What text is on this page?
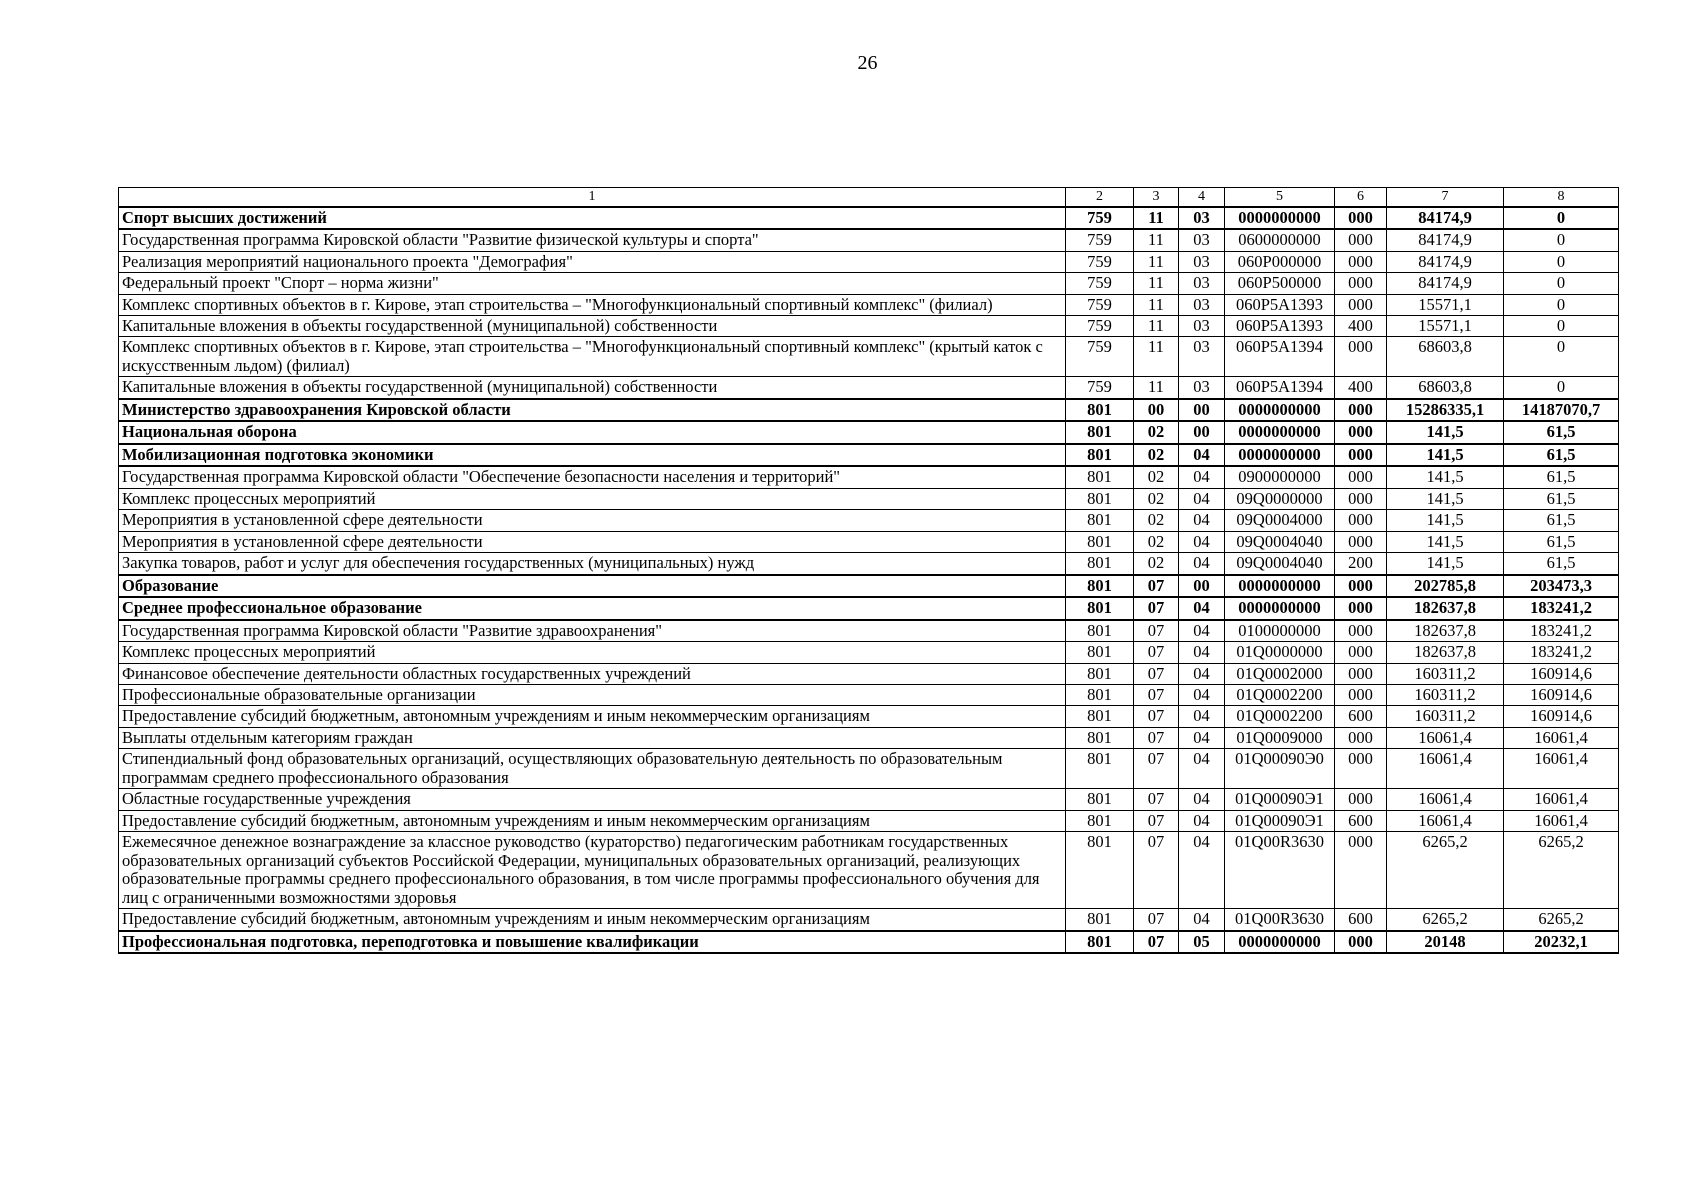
26
1	2	3	4	5	6	7	8
Спорт высших достижений	759	11	03	0000000000	000	84174,9	0
Государственная программа Кировской области "Развитие физической культуры и спорта"	759	11	03	0600000000	000	84174,9	0
Реализация мероприятий национального проекта "Демография"	759	11	03	060P000000	000	84174,9	0
Федеральный проект "Спорт – норма жизни"	759	11	03	060P500000	000	84174,9	0
Комплекс спортивных объектов в г. Кирове, этап строительства – "Многофункциональный спортивный комплекс" (филиал)	759	11	03	060P5A1393	000	15571,1	0
Капитальные вложения в объекты государственной (муниципальной) собственности	759	11	03	060P5A1393	400	15571,1	0
Комплекс спортивных объектов в г. Кирове, этап строительства – "Многофункциональный спортивный комплекс" (крытый каток с искусственным льдом) (филиал)	759	11	03	060P5A1394	000	68603,8	0
Капитальные вложения в объекты государственной (муниципальной) собственности	759	11	03	060P5A1394	400	68603,8	0
Министерство здравоохранения Кировской области	801	00	00	0000000000	000	15286335,1	14187070,7
Национальная оборона	801	02	00	0000000000	000	141,5	61,5
Мобилизационная подготовка экономики	801	02	04	0000000000	000	141,5	61,5
Государственная программа Кировской области "Обеспечение безопасности населения и территорий"	801	02	04	0900000000	000	141,5	61,5
Комплекс процессных мероприятий	801	02	04	09Q0000000	000	141,5	61,5
Мероприятия в установленной сфере деятельности	801	02	04	09Q0004000	000	141,5	61,5
Мероприятия в установленной сфере деятельности	801	02	04	09Q0004040	000	141,5	61,5
Закупка товаров, работ и услуг для обеспечения государственных (муниципальных) нужд	801	02	04	09Q0004040	200	141,5	61,5
Образование	801	07	00	0000000000	000	202785,8	203473,3
Среднее профессиональное образование	801	07	04	0000000000	000	182637,8	183241,2
Государственная программа Кировской области "Развитие здравоохранения"	801	07	04	0100000000	000	182637,8	183241,2
Комплекс процессных мероприятий	801	07	04	01Q0000000	000	182637,8	183241,2
Финансовое обеспечение деятельности областных государственных учреждений	801	07	04	01Q0002000	000	160311,2	160914,6
Профессиональные образовательные организации	801	07	04	01Q0002200	000	160311,2	160914,6
Предоставление субсидий бюджетным, автономным учреждениям и иным некоммерческим организациям	801	07	04	01Q0002200	600	160311,2	160914,6
Выплаты отдельным категориям граждан	801	07	04	01Q0009000	000	16061,4	16061,4
Стипендиальный фонд образовательных организаций, осуществляющих образовательную деятельность по образовательным программам среднего профессионального образования	801	07	04	01Q00090Э0	000	16061,4	16061,4
Областные государственные учреждения	801	07	04	01Q00090Э1	000	16061,4	16061,4
Предоставление субсидий бюджетным, автономным учреждениям и иным некоммерческим организациям	801	07	04	01Q00090Э1	600	16061,4	16061,4
Ежемесячное денежное вознаграждение за классное руководство (кураторство) педагогическим работникам государственных образовательных организаций субъектов Российской Федерации, муниципальных образовательных организаций, реализующих образовательные программы среднего профессионального образования, в том числе программы профессионального обучения для лиц с ограниченными возможностями здоровья	801	07	04	01Q00R3630	000	6265,2	6265,2
Предоставление субсидий бюджетным, автономным учреждениям и иным некоммерческим организациям	801	07	04	01Q00R3630	600	6265,2	6265,2
Профессиональная подготовка, переподготовка и повышение квалификации	801	07	05	0000000000	000	20148	20232,1
